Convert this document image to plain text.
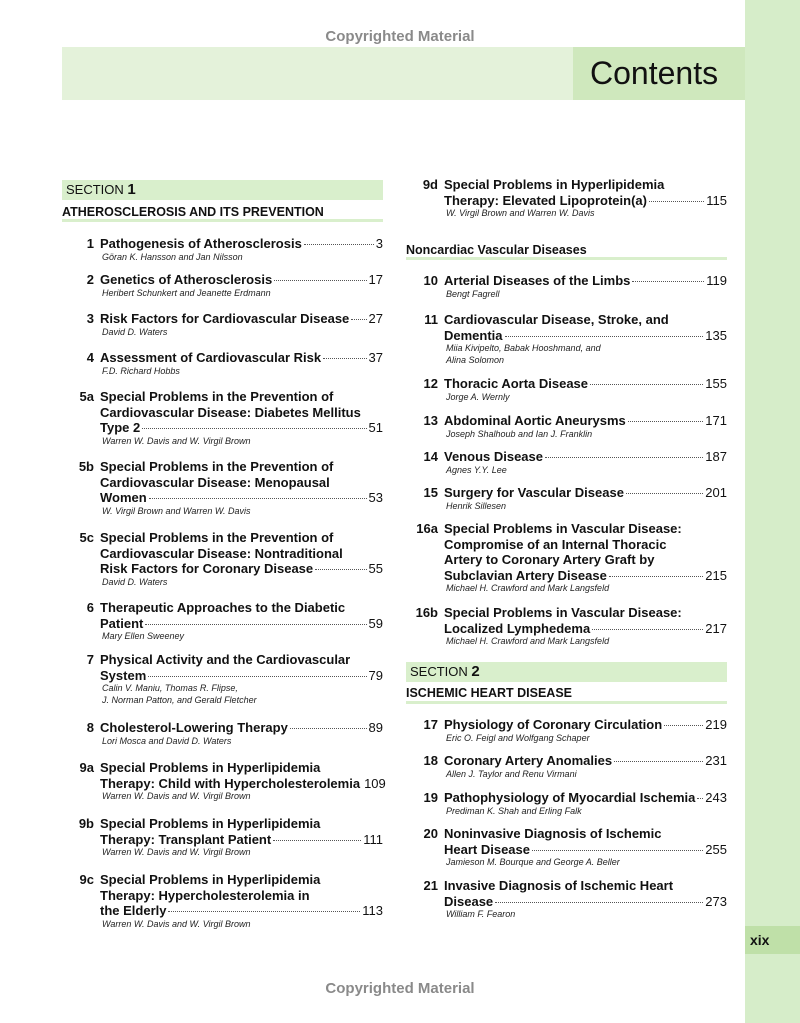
xix
Copyrighted Material
Copyrighted Material
Contents
SECTION 1
ATHEROSCLEROSIS AND ITS PREVENTION
1 Pathogenesis of Atherosclerosis	3
Göran K. Hansson and Jan Nilsson
2 Genetics of Atherosclerosis	17
Heribert Schunkert and Jeanette Erdmann
3 Risk Factors for Cardiovascular Disease 27
David D. Waters
4 Assessment of Cardiovascular Risk	37
F.D. Richard Hobbs
5a Special Problems in the Prevention of
Cardiovascular Disease: Diabetes Mellitus
Type 2	51
Warren W. Davis and W. Virgil Brown
5b Special Problems in the Prevention of
Cardiovascular Disease: Menopausal
Women	53
W. Virgil Brown and Warren W. Davis
5c Special Problems in the Prevention of
Cardiovascular Disease: Nontraditional
Risk Factors for Coronary Disease	55
David D. Waters
6 Therapeutic Approaches to the Diabetic
Patient	59
Mary Ellen Sweeney
7 Physical Activity and the Cardiovascular
System	79
Calin V. Maniu, Thomas R. Flipse,
J. Norman Patton, and Gerald Fletcher
8 Cholesterol-Lowering Therapy	89
Lori Mosca and David D. Waters
9a Special Problems in Hyperlipidemia
Therapy: Child with Hypercholesterolemia 109
Warren W. Davis and W. Virgil Brown
9b Special Problems in Hyperlipidemia
Therapy: Transplant Patient	111
Warren W. Davis and W. Virgil Brown
9c Special Problems in Hyperlipidemia
Therapy: Hypercholesterolemia in
the Elderly	113
Warren W. Davis and W. Virgil Brown
9d Special Problems in Hyperlipidemia
Therapy: Elevated Lipoprotein(a)	115
W. Virgil Brown and Warren W. Davis
Noncardiac Vascular Diseases
10 Arterial Diseases of the Limbs	119
Bengt Fagrell
11 Cardiovascular Disease, Stroke, and
Dementia	135
Miia Kivipelto, Babak Hooshmand, and
Alina Solomon
12 Thoracic Aorta Disease	155
Jorge A. Wernly
13 Abdominal Aortic Aneurysms	171
Joseph Shalhoub and Ian J. Franklin
14 Venous Disease	187
Agnes Y.Y. Lee
15 Surgery for Vascular Disease	201
Henrik Sillesen
16a Special Problems in Vascular Disease:
Compromise of an Internal Thoracic
Artery to Coronary Artery Graft by
Subclavian Artery Disease	215
Michael H. Crawford and Mark Langsfeld
16b Special Problems in Vascular Disease:
Localized Lymphedema	217
Michael H. Crawford and Mark Langsfeld
SECTION 2
ISCHEMIC HEART DISEASE
17 Physiology of Coronary Circulation	219
Eric O. Feigl and Wolfgang Schaper
18 Coronary Artery Anomalies	231
Allen J. Taylor and Renu Virmani
19 Pathophysiology of Myocardial Ischemia 243
Prediman K. Shah and Erling Falk
20 Noninvasive Diagnosis of Ischemic
Heart Disease	255
Jamieson M. Bourque and George A. Beller
21 Invasive Diagnosis of Ischemic Heart
Disease	273
William F. Fearon
